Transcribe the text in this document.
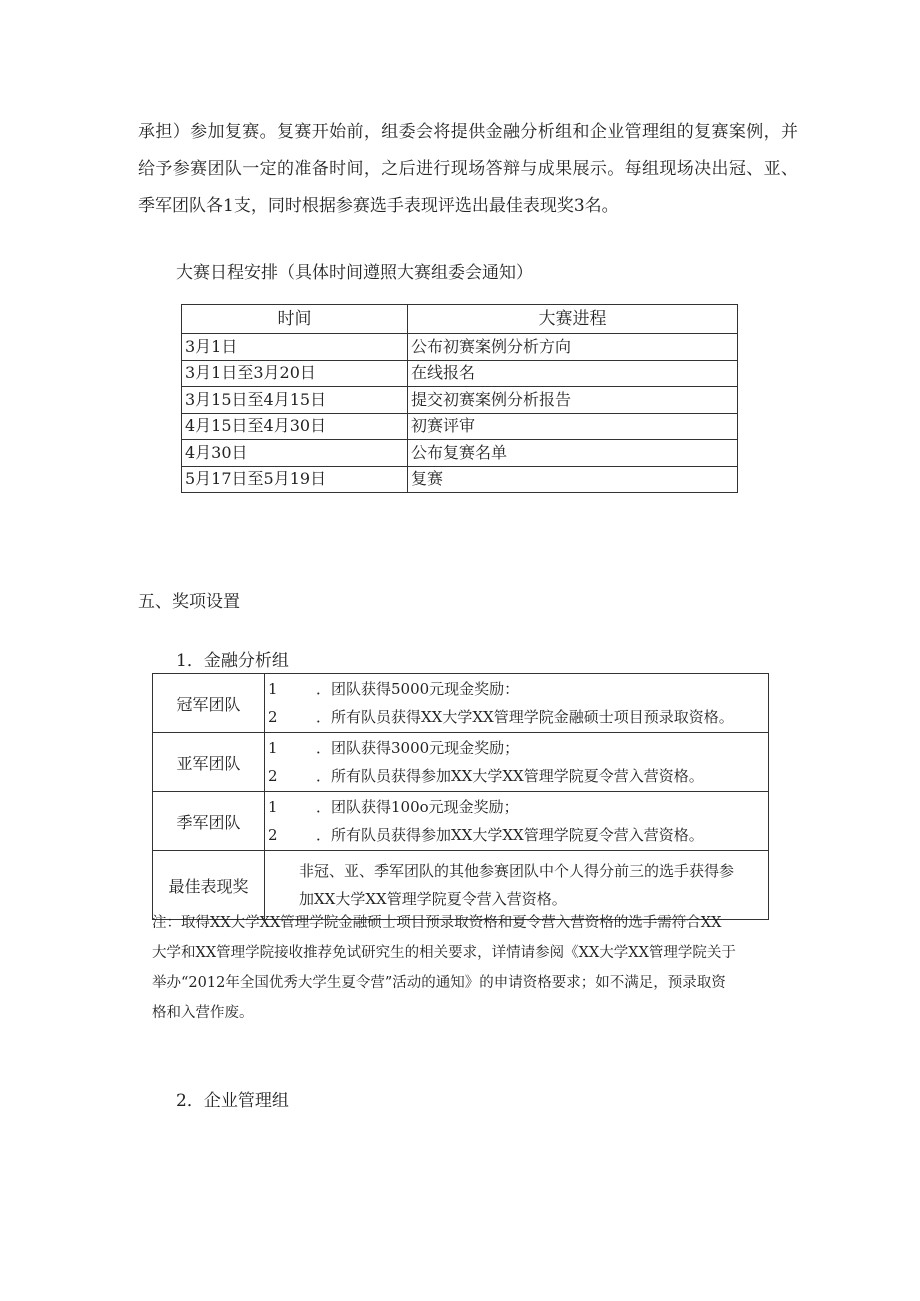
承担）参加复赛。复赛开始前，组委会将提供金融分析组和企业管理组的复赛案例，并
给予参赛团队一定的准备时间，之后进行现场答辩与成果展示。每组现场决出冠、亚、
季军团队各1支，同时根据参赛选手表现评选出最佳表现奖3名。
大赛日程安排（具体时间遵照大赛组委会通知）
时间	大赛进程
3月1日	公布初赛案例分析方向
3月1日至3月20日	在线报名
3月15日至4月15日	提交初赛案例分析报告
4月15日至4月30日	初赛评审
4月30日	公布复赛名单
5月17日至5月19日	复赛
五、奖项设置
1．金融分析组
冠军团队	1 ．团队获得5000元现金奖励：
2 ．所有队员获得XX大学XX管理学院金融硕士项目预录取资格。

亚军团队	1 ．团队获得3000元现金奖励；
2 ．所有队员获得参加XX大学XX管理学院夏令营入营资格。

季军团队	1 ．团队获得100o元现金奖励；
2 ．所有队员获得参加XX大学XX管理学院夏令营入营资格。

最佳表现奖	非冠、亚、季军团队的其他参赛团队中个人得分前三的选手获得参
加XX大学XX管理学院夏令营入营资格。
注：取得XX大学XX管理学院金融硕士项目预录取资格和夏令营入营资格的选手需符合XX
大学和XX管理学院接收推荐免试研究生的相关要求，详情请参阅《XX大学XX管理学院关于
举办“2012年全国优秀大学生夏令营”活动的通知》的申请资格要求；如不满足，预录取资
格和入营作废。
2．企业管理组
